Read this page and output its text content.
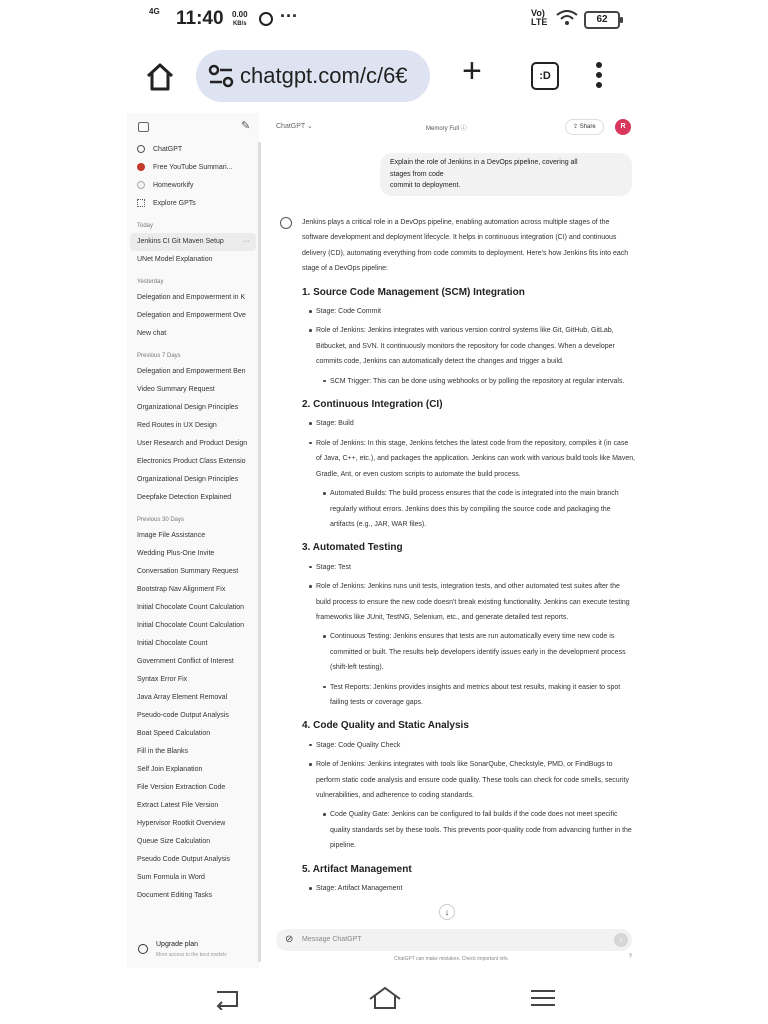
4G 11:40 0.00
KB/s ···	Vo) LTE	62
chatgpt.com/c/6€ +	:D
✎
ChatGPT
Free YouTube Summari...
Homeworkify
Explore GPTs
Today
Jenkins CI Git Maven Setup	···
UNet Model Explanation
Yesterday
Delegation and Empowerment in K
Delegation and Empowerment Ove
New chat
Previous 7 Days
Delegation and Empowerment Ben
Video Summary Request
Organizational Design Principles
Red Routes in UX Design
User Research and Product Design
Electronics Product Class Extensio
Organizational Design Principles
Deepfake Detection Explained
Previous 30 Days
Image File Assistance
Wedding Plus-One Invite
Conversation Summary Request
Bootstrap Nav Alignment Fix
Initial Chocolate Count Calculation
Initial Chocolate Count Calculation
Initial Chocolate Count
Government Conflict of Interest
Syntax Error Fix
Java Array Element Removal
Pseudo-code Output Analysis
Boat Speed Calculation
Fill in the Blanks
Self Join Explanation
File Version Extraction Code
Extract Latest File Version
Hypervisor Rootkit Overview
Queue Size Calculation
Pseudo Code Output Analysis
Sum Formula in Word
Document Editing Tasks
Upgrade plan
More access to the best models
ChatGPT ⌄	Memory Full ⓘ	⇪ Share	R
Explain the role of Jenkins in a DevOps pipeline, covering all
stages from code
commit to deployment.
Jenkins plays a critical role in a DevOps pipeline, enabling automation across multiple stages of the software development and deployment lifecycle. It helps in continuous integration (CI) and continuous delivery (CD), automating everything from code commits to deployment. Here's how Jenkins fits into each stage of a DevOps pipeline:
1. Source Code Management (SCM) Integration
Stage: Code Commit
Role of Jenkins: Jenkins integrates with various version control systems like Git, GitHub, GitLab, Bitbucket, and SVN. It continuously monitors the repository for code changes. When a developer commits code, Jenkins can automatically detect the changes and trigger a build.
SCM Trigger: This can be done using webhooks or by polling the repository at regular intervals.
2. Continuous Integration (CI)
Stage: Build
Role of Jenkins: In this stage, Jenkins fetches the latest code from the repository, compiles it (in case of Java, C++, etc.), and packages the application. Jenkins can work with various build tools like Maven, Gradle, Ant, or even custom scripts to automate the build process.
Automated Builds: The build process ensures that the code is integrated into the main branch regularly without errors. Jenkins does this by compiling the source code and packaging the artifacts (e.g., JAR, WAR files).
3. Automated Testing
Stage: Test
Role of Jenkins: Jenkins runs unit tests, integration tests, and other automated test suites after the build process to ensure the new code doesn't break existing functionality. Jenkins can execute testing frameworks like JUnit, TestNG, Selenium, etc., and generate detailed test reports.
Continuous Testing: Jenkins ensures that tests are run automatically every time new code is committed or built. The results help developers identify issues early in the development process (shift-left testing).
Test Reports: Jenkins provides insights and metrics about test results, making it easier to spot failing tests or coverage gaps.
4. Code Quality and Static Analysis
Stage: Code Quality Check
Role of Jenkins: Jenkins integrates with tools like SonarQube, Checkstyle, PMD, or FindBugs to perform static code analysis and ensure code quality. These tools can check for code smells, security vulnerabilities, and adherence to coding standards.
Code Quality Gate: Jenkins can be configured to fail builds if the code does not meet specific quality standards set by these tools. This prevents poor-quality code from advancing further in the pipeline.
5. Artifact Management
Stage: Artifact Management
↓
⊘ Message ChatGPT	↑
ChatGPT can make mistakes. Check important info.	?
